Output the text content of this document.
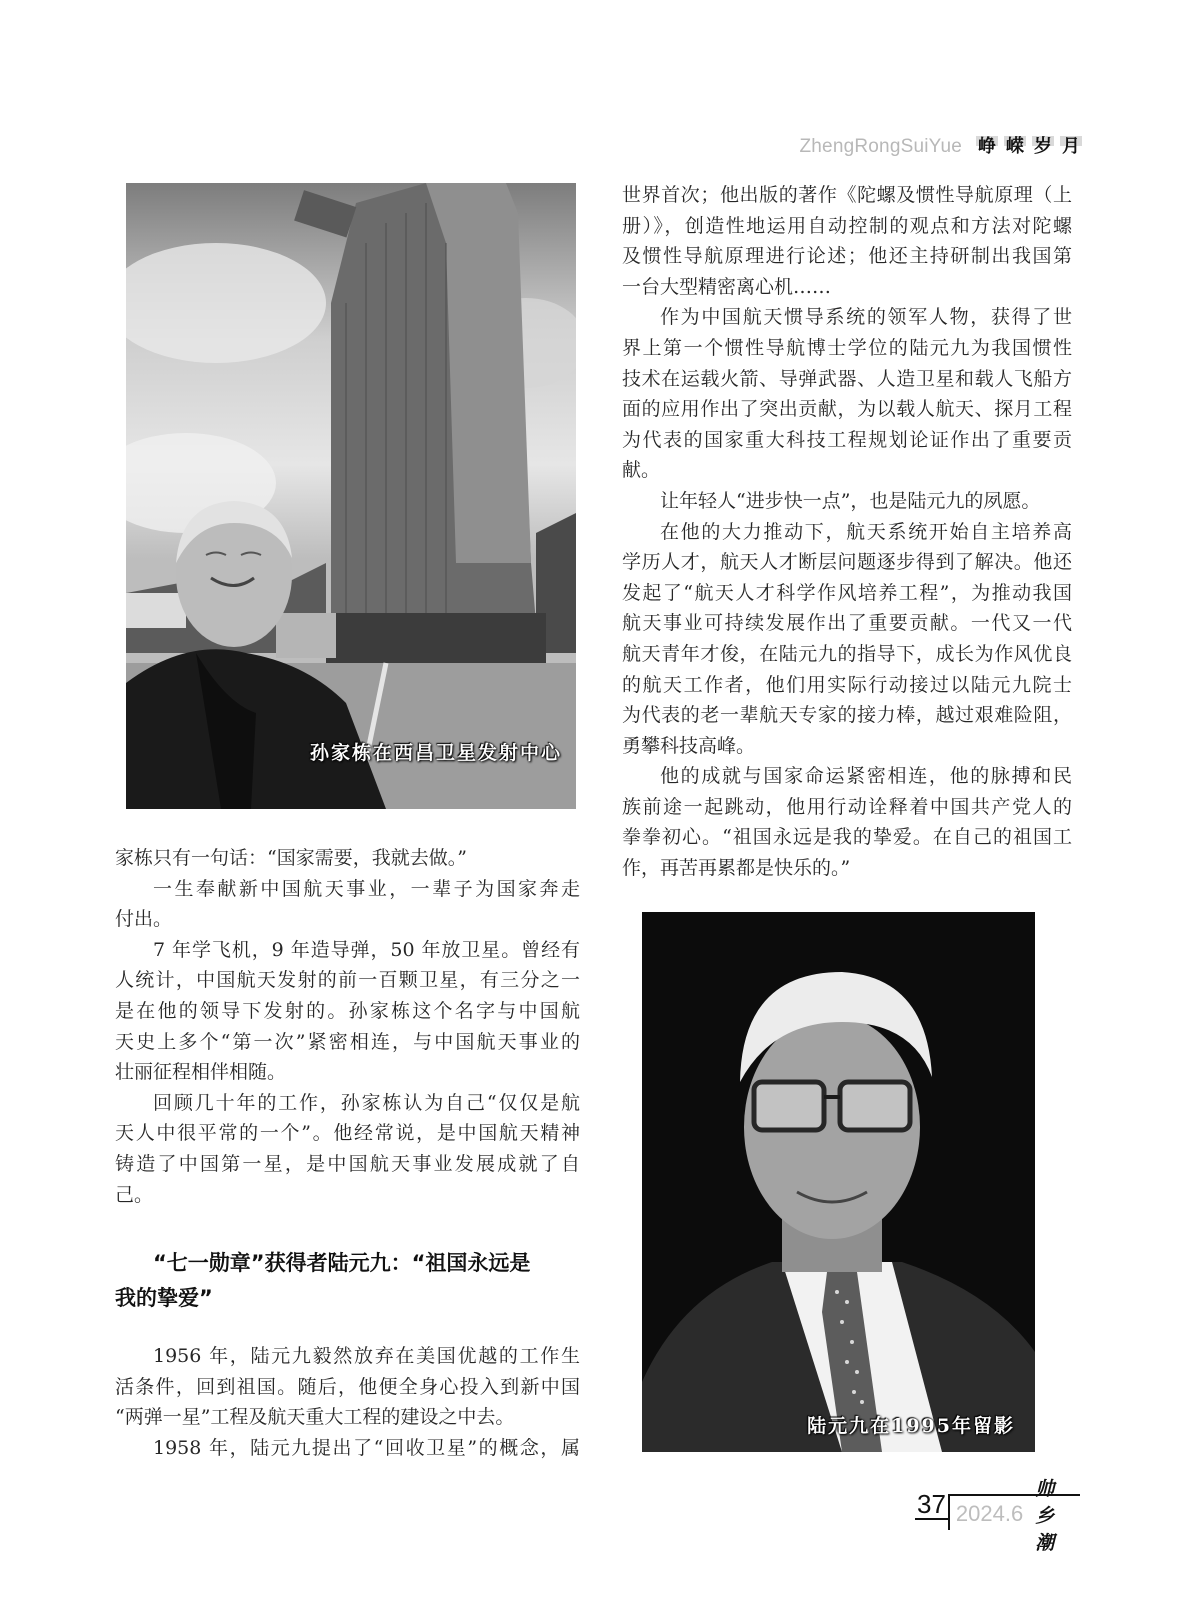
ZhengRongSuiYue 峥 嵘 岁 月
孙家栋在西昌卫星发射中心
陆元九在1995年留影
世界首次；他出版的著作《陀螺及惯性导航原理（上
册）》，创造性地运用自动控制的观点和方法对陀螺
及惯性导航原理进行论述；他还主持研制出我国第
一台大型精密离心机……
作为中国航天惯导系统的领军人物，获得了世
界上第一个惯性导航博士学位的陆元九为我国惯性
技术在运载火箭、导弹武器、人造卫星和载人飞船方
面的应用作出了突出贡献，为以载人航天、探月工程
为代表的国家重大科技工程规划论证作出了重要贡
献。
让年轻人“进步快一点”，也是陆元九的夙愿。
在他的大力推动下，航天系统开始自主培养高
学历人才，航天人才断层问题逐步得到了解决。他还
发起了“航天人才科学作风培养工程”，为推动我国
航天事业可持续发展作出了重要贡献。一代又一代
航天青年才俊，在陆元九的指导下，成长为作风优良
的航天工作者，他们用实际行动接过以陆元九院士
为代表的老一辈航天专家的接力棒，越过艰难险阻，
勇攀科技高峰。
他的成就与国家命运紧密相连，他的脉搏和民
族前途一起跳动，他用行动诠释着中国共产党人的
拳拳初心。“祖国永远是我的挚爱。在自己的祖国工
作，再苦再累都是快乐的。”
家栋只有一句话：“国家需要，我就去做。”
一生奉献新中国航天事业，一辈子为国家奔走
付出。
7 年学飞机，9 年造导弹，50 年放卫星。曾经有
人统计，中国航天发射的前一百颗卫星，有三分之一
是在他的领导下发射的。孙家栋这个名字与中国航
天史上多个“第一次”紧密相连，与中国航天事业的
壮丽征程相伴相随。
回顾几十年的工作，孙家栋认为自己“仅仅是航
天人中很平常的一个”。他经常说，是中国航天精神
铸造了中国第一星，是中国航天事业发展成就了自
己。
“七一勋章”获得者陆元九：“祖国永远是
我的挚爱”
1956 年，陆元九毅然放弃在美国优越的工作生
活条件，回到祖国。随后，他便全身心投入到新中国
“两弹一星”工程及航天重大工程的建设之中去。
1958 年，陆元九提出了“回收卫星”的概念，属
37 2024.6
帅乡潮
